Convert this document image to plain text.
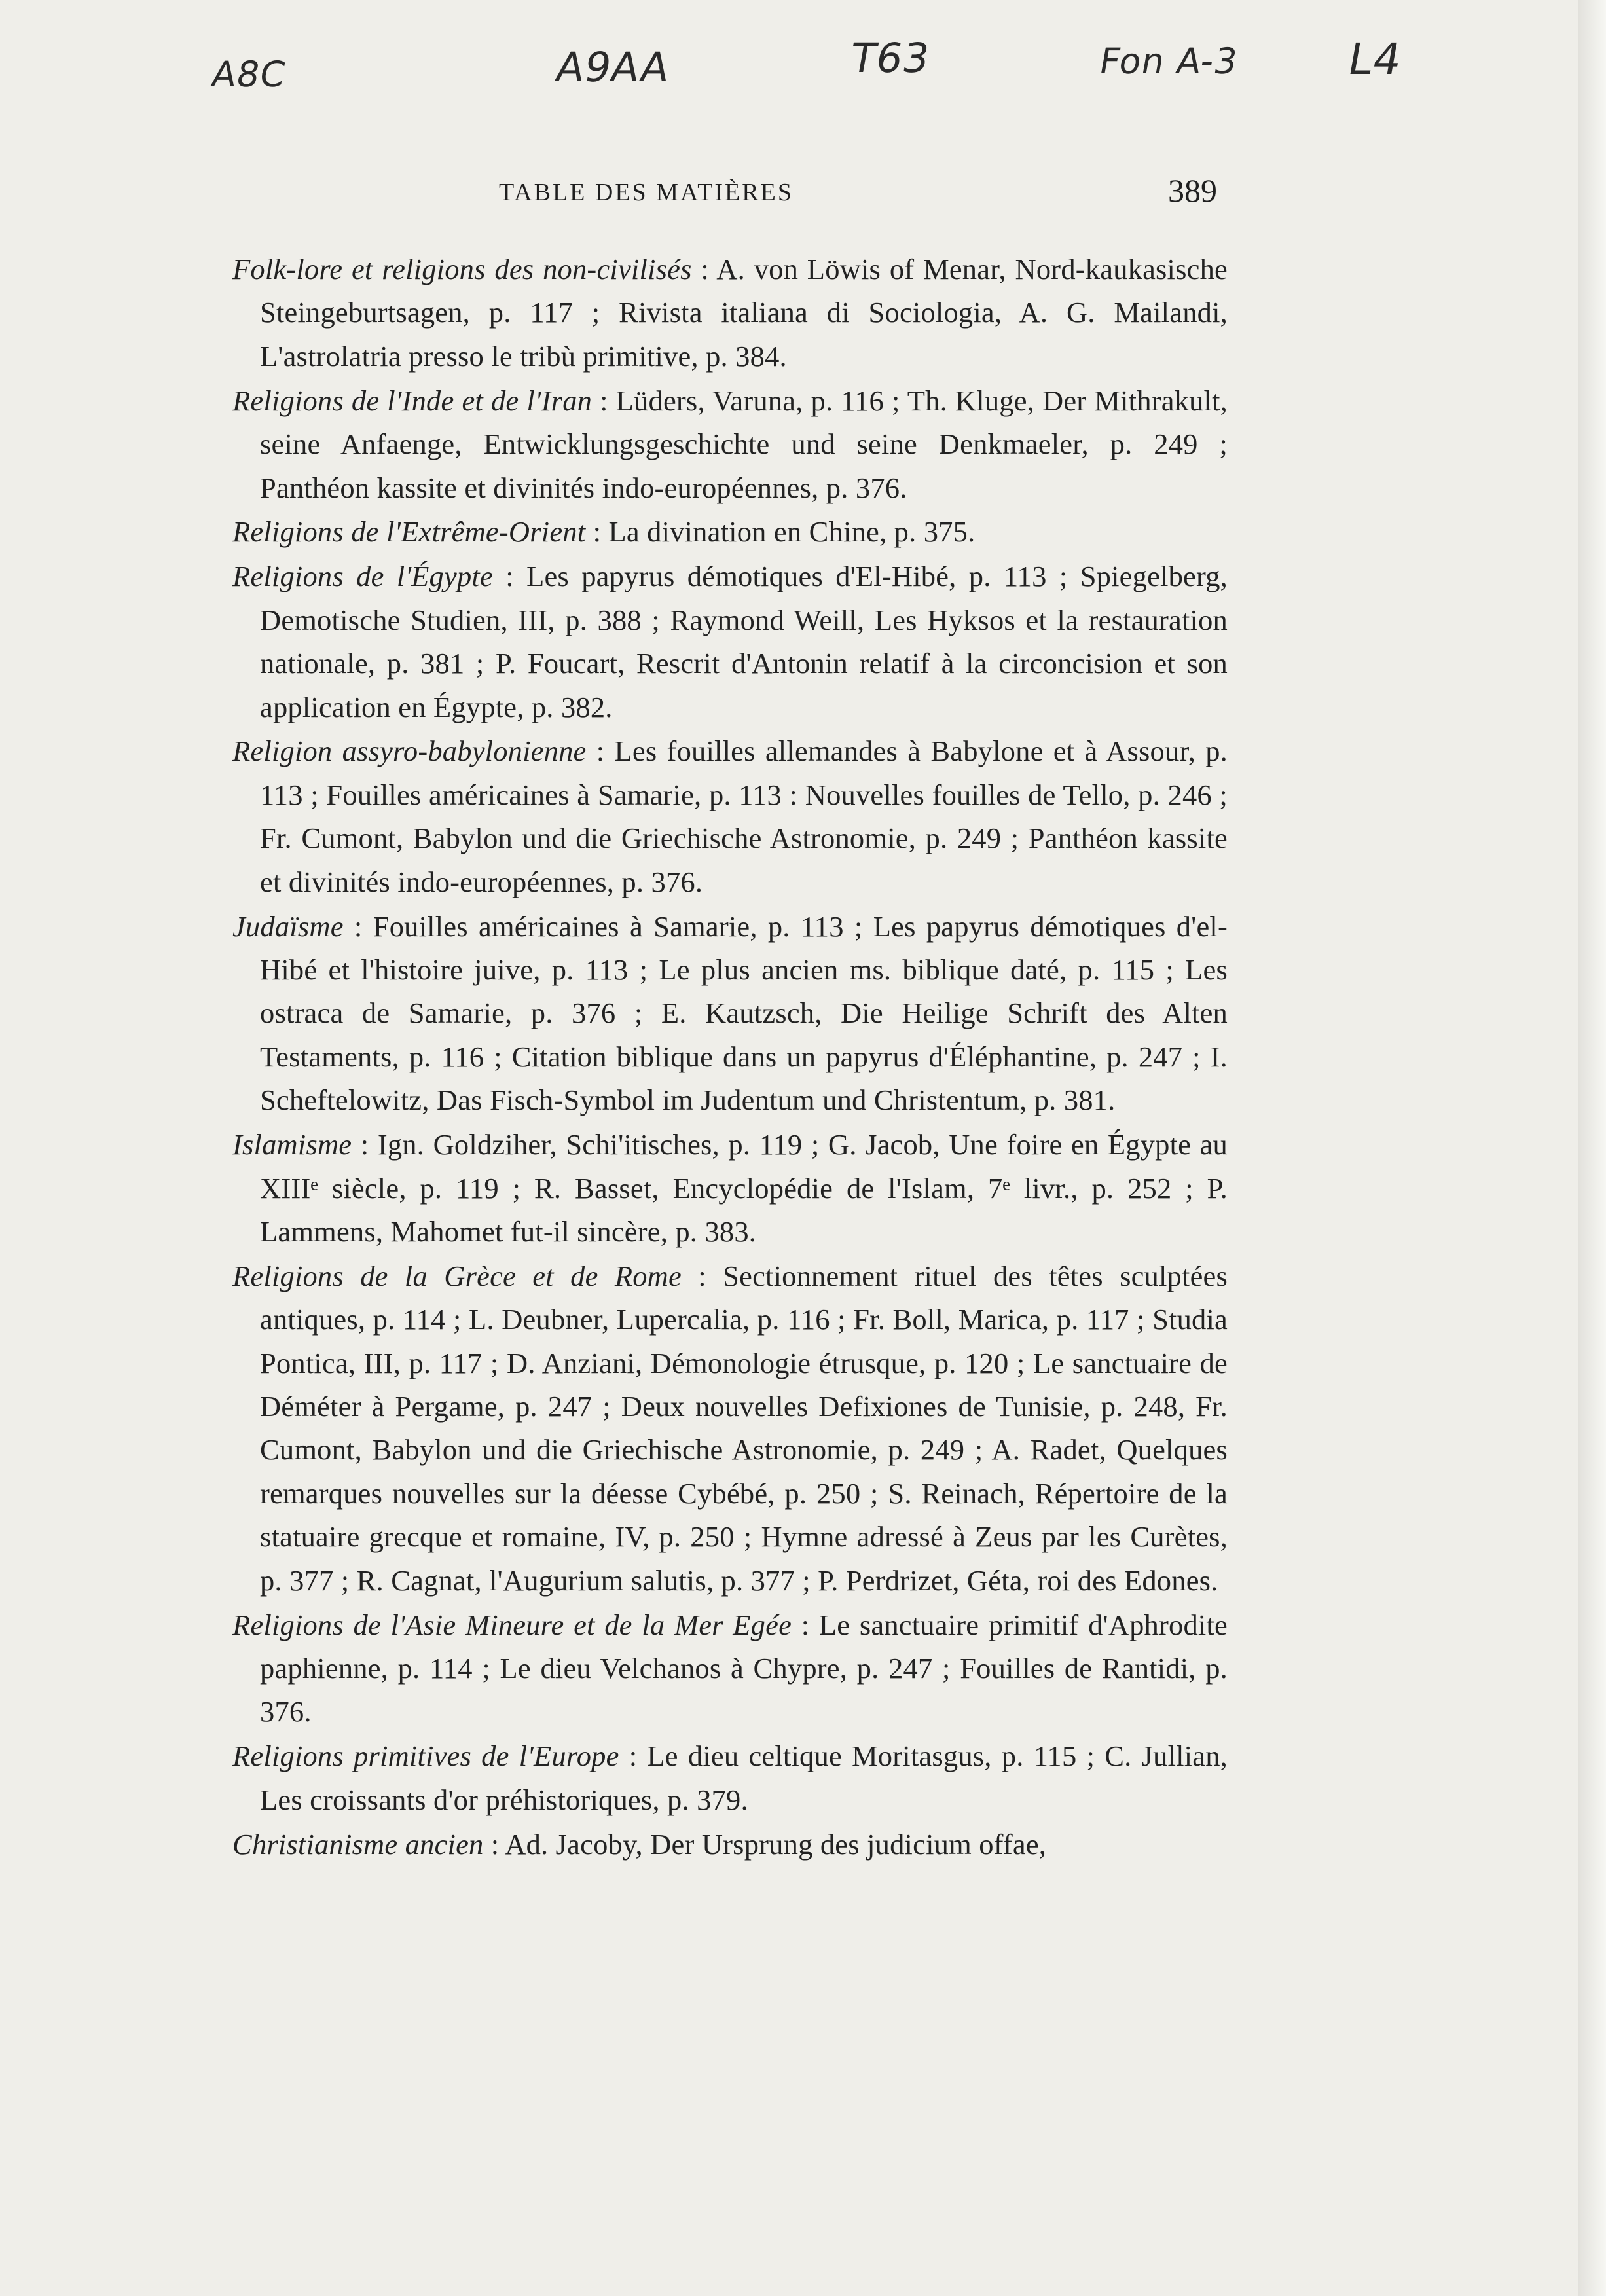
A8C	A9AA	T63	Fon A-3 L4
TABLE DES MATIÈRES	389

Folk-lore et religions des non-civilisés : A. von Löwis of Menar, Nord-kaukasische Steingeburtsagen, p. 117 ; Rivista italiana di Sociologia, A. G. Mailandi, L'astrolatria presso le tribù primitive, p. 384.

Religions de l'Inde et de l'Iran : Lüders, Varuna, p. 116 ; Th. Kluge, Der Mithrakult, seine Anfaenge, Entwicklungsgeschichte und seine Denkmaeler, p. 249 ; Panthéon kassite et divinités indo-européennes, p. 376.

Religions de l'Extrême-Orient : La divination en Chine, p. 375.

Religions de l'Égypte : Les papyrus démotiques d'El-Hibé, p. 113 ; Spiegelberg, Demotische Studien, III, p. 388 ; Raymond Weill, Les Hyksos et la restauration nationale, p. 381 ; P. Foucart, Rescrit d'Antonin relatif à la circoncision et son application en Égypte, p. 382.

Religion assyro-babylonienne : Les fouilles allemandes à Babylone et à Assour, p. 113 ; Fouilles américaines à Samarie, p. 113 : Nouvelles fouilles de Tello, p. 246 ; Fr. Cumont, Babylon und die Griechische Astronomie, p. 249 ; Panthéon kassite et divinités indo-européennes, p. 376.

Judaïsme : Fouilles américaines à Samarie, p. 113 ; Les papyrus démotiques d'el-Hibé et l'histoire juive, p. 113 ; Le plus ancien ms. biblique daté, p. 115 ; Les ostraca de Samarie, p. 376 ; E. Kautzsch, Die Heilige Schrift des Alten Testaments, p. 116 ; Citation biblique dans un papyrus d'Éléphantine, p. 247 ; I. Scheftelowitz, Das Fisch-Symbol im Judentum und Christentum, p. 381.

Islamisme : Ign. Goldziher, Schi'itisches, p. 119 ; G. Jacob, Une foire en Égypte au XIIIᵉ siècle, p. 119 ; R. Basset, Encyclopédie de l'Islam, 7ᵉ livr., p. 252 ; P. Lammens, Mahomet fut-il sincère, p. 383.

Religions de la Grèce et de Rome : Sectionnement rituel des têtes sculptées antiques, p. 114 ; L. Deubner, Lupercalia, p. 116 ; Fr. Boll, Marica, p. 117 ; Studia Pontica, III, p. 117 ; D. Anziani, Démonologie étrusque, p. 120 ; Le sanctuaire de Déméter à Pergame, p. 247 ; Deux nouvelles Defixiones de Tunisie, p. 248, Fr. Cumont, Babylon und die Griechische Astronomie, p. 249 ; A. Radet, Quelques remarques nouvelles sur la déesse Cybébé, p. 250 ; S. Reinach, Répertoire de la statuaire grecque et romaine, IV, p. 250 ; Hymne adressé à Zeus par les Curètes, p. 377 ; R. Cagnat, l'Augurium salutis, p. 377 ; P. Perdrizet, Géta, roi des Edones.

Religions de l'Asie Mineure et de la Mer Egée : Le sanctuaire primitif d'Aphrodite paphienne, p. 114 ; Le dieu Velchanos à Chypre, p. 247 ; Fouilles de Rantidi, p. 376.

Religions primitives de l'Europe : Le dieu celtique Moritasgus, p. 115 ; C. Jullian, Les croissants d'or préhistoriques, p. 379.

Christianisme ancien : Ad. Jacoby, Der Ursprung des judicium offae,
